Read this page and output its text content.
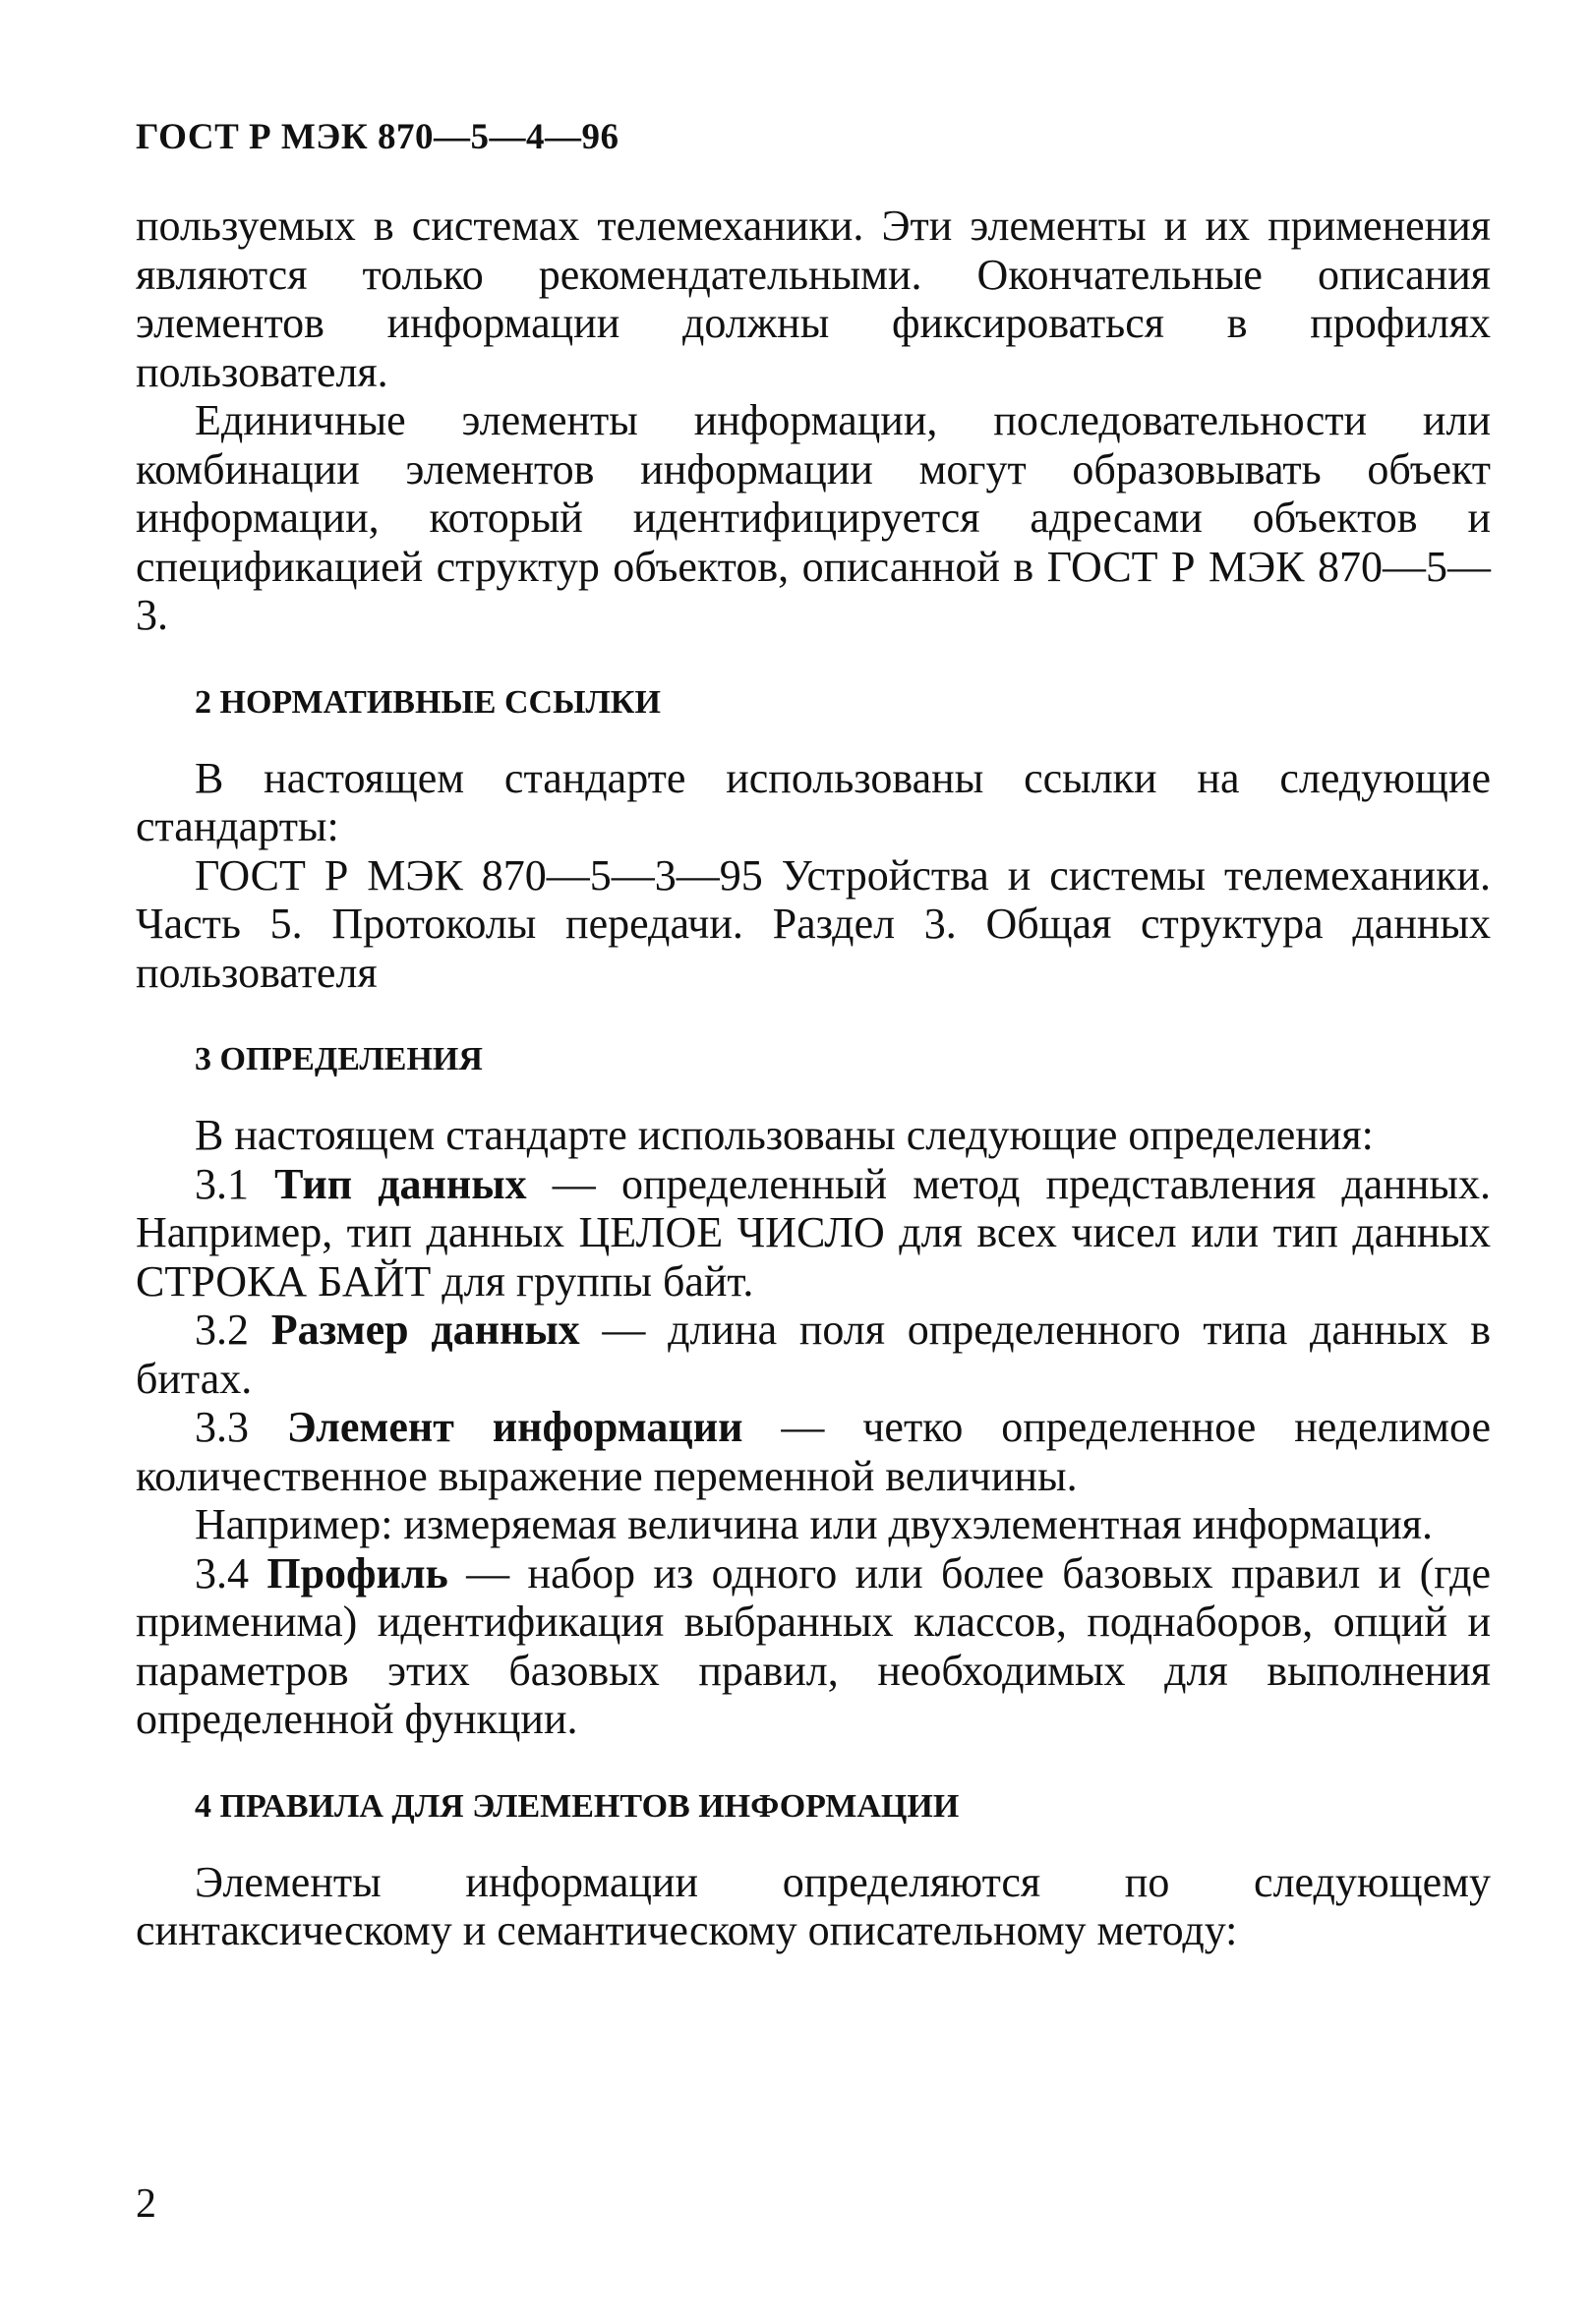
ГОСТ Р МЭК 870—5—4—96

пользуемых в системах телемеханики. Эти элементы и их применения являются только рекомендательными. Окончательные описания элементов информации должны фиксироваться в профилях пользователя.

Единичные элементы информации, последовательности или комбинации элементов информации могут образовывать объект информации, который идентифицируется адресами объектов и спецификацией структур объектов, описанной в ГОСТ Р МЭК 870—5—3.

2 НОРМАТИВНЫЕ ССЫЛКИ

В настоящем стандарте использованы ссылки на следующие стандарты:

ГОСТ Р МЭК 870—5—3—95 Устройства и системы телемеханики. Часть 5. Протоколы передачи. Раздел 3. Общая структура данных пользователя

3 ОПРЕДЕЛЕНИЯ

В настоящем стандарте использованы следующие определения:

3.1 Тип данных — определенный метод представления данных. Например, тип данных ЦЕЛОЕ ЧИСЛО для всех чисел или тип данных СТРОКА БАЙТ для группы байт.

3.2 Размер данных — длина поля определенного типа данных в битах.

3.3 Элемент информации — четко определенное неделимое количественное выражение переменной величины.

Например: измеряемая величина или двухэлементная информация.

3.4 Профиль — набор из одного или более базовых правил и (где применима) идентификация выбранных классов, поднаборов, опций и параметров этих базовых правил, необходимых для выполнения определенной функции.

4 ПРАВИЛА ДЛЯ ЭЛЕМЕНТОВ ИНФОРМАЦИИ

Элементы информации определяются по следующему синтаксическому и семантическому описательному методу:

2
